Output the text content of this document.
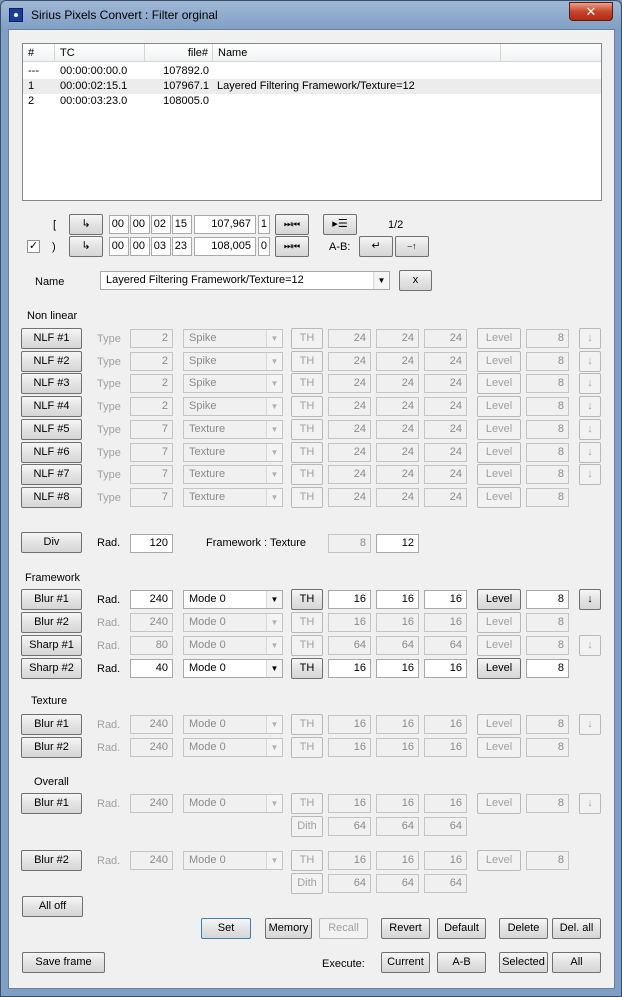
Sirius Pixels Convert : Filter orginal	✕
#	TC	file# Name
--- 00:00:00:00.0	107892.0
1 00:00:02:15.1	107967.1 Layered Filtering Framework/Texture=12
2 00:00:03:23.0	108005.0
[	↳	00 00 02 15	107,967 1	⏭⏮	▸☰	1/2
✓ )	↳	00 00 03 23	108,005 0	⏭⏮	A-B:	↵	⎯↑
Name	Layered Filtering Framework/Texture=12	▼	x
Non linear
Div	Rad.	120	Framework : Texture	8	12
Framework
Texture
Overall
All off
Set	Memory	Recall	Revert	Default	Delete	Del. all
Save frame	Execute:	Current	A-B	Selected	All
NLF #1	Type	2	Spike	▼	TH	24	24	24	Level	8	↓
NLF #2	Type	2	Spike	▼	TH	24	24	24	Level	8	↓
NLF #3	Type	2	Spike	▼	TH	24	24	24	Level	8	↓
NLF #4	Type	2	Spike	▼	TH	24	24	24	Level	8	↓
NLF #5	Type	7	Texture	▼	TH	24	24	24	Level	8	↓
NLF #6	Type	7	Texture	▼	TH	24	24	24	Level	8	↓
NLF #7	Type	7	Texture	▼	TH	24	24	24	Level	8	↓
NLF #8	Type	7	Texture	▼	TH	24	24	24	Level	8
Blur #1	Rad.	240	Mode 0	▼	TH	16	16	16	Level	8	↓
Blur #2	Rad.	240	Mode 0	▼	TH	16	16	16	Level	8
Sharp #1	Rad.	80	Mode 0	▼	TH	64	64	64	Level	8	↓
Sharp #2	Rad.	40	Mode 0	▼	TH	16	16	16	Level	8
Blur #1	Rad.	240	Mode 0	▼	TH	16	16	16	Level	8	↓
Blur #2	Rad.	240	Mode 0	▼	TH	16	16	16	Level	8
Blur #1	Rad.	240	Mode 0	▼	TH	16	16	16	Level	8	↓
Dith	64	64	64
Blur #2	Rad.	240	Mode 0	▼	TH	16	16	16	Level	8
Dith	64	64	64
